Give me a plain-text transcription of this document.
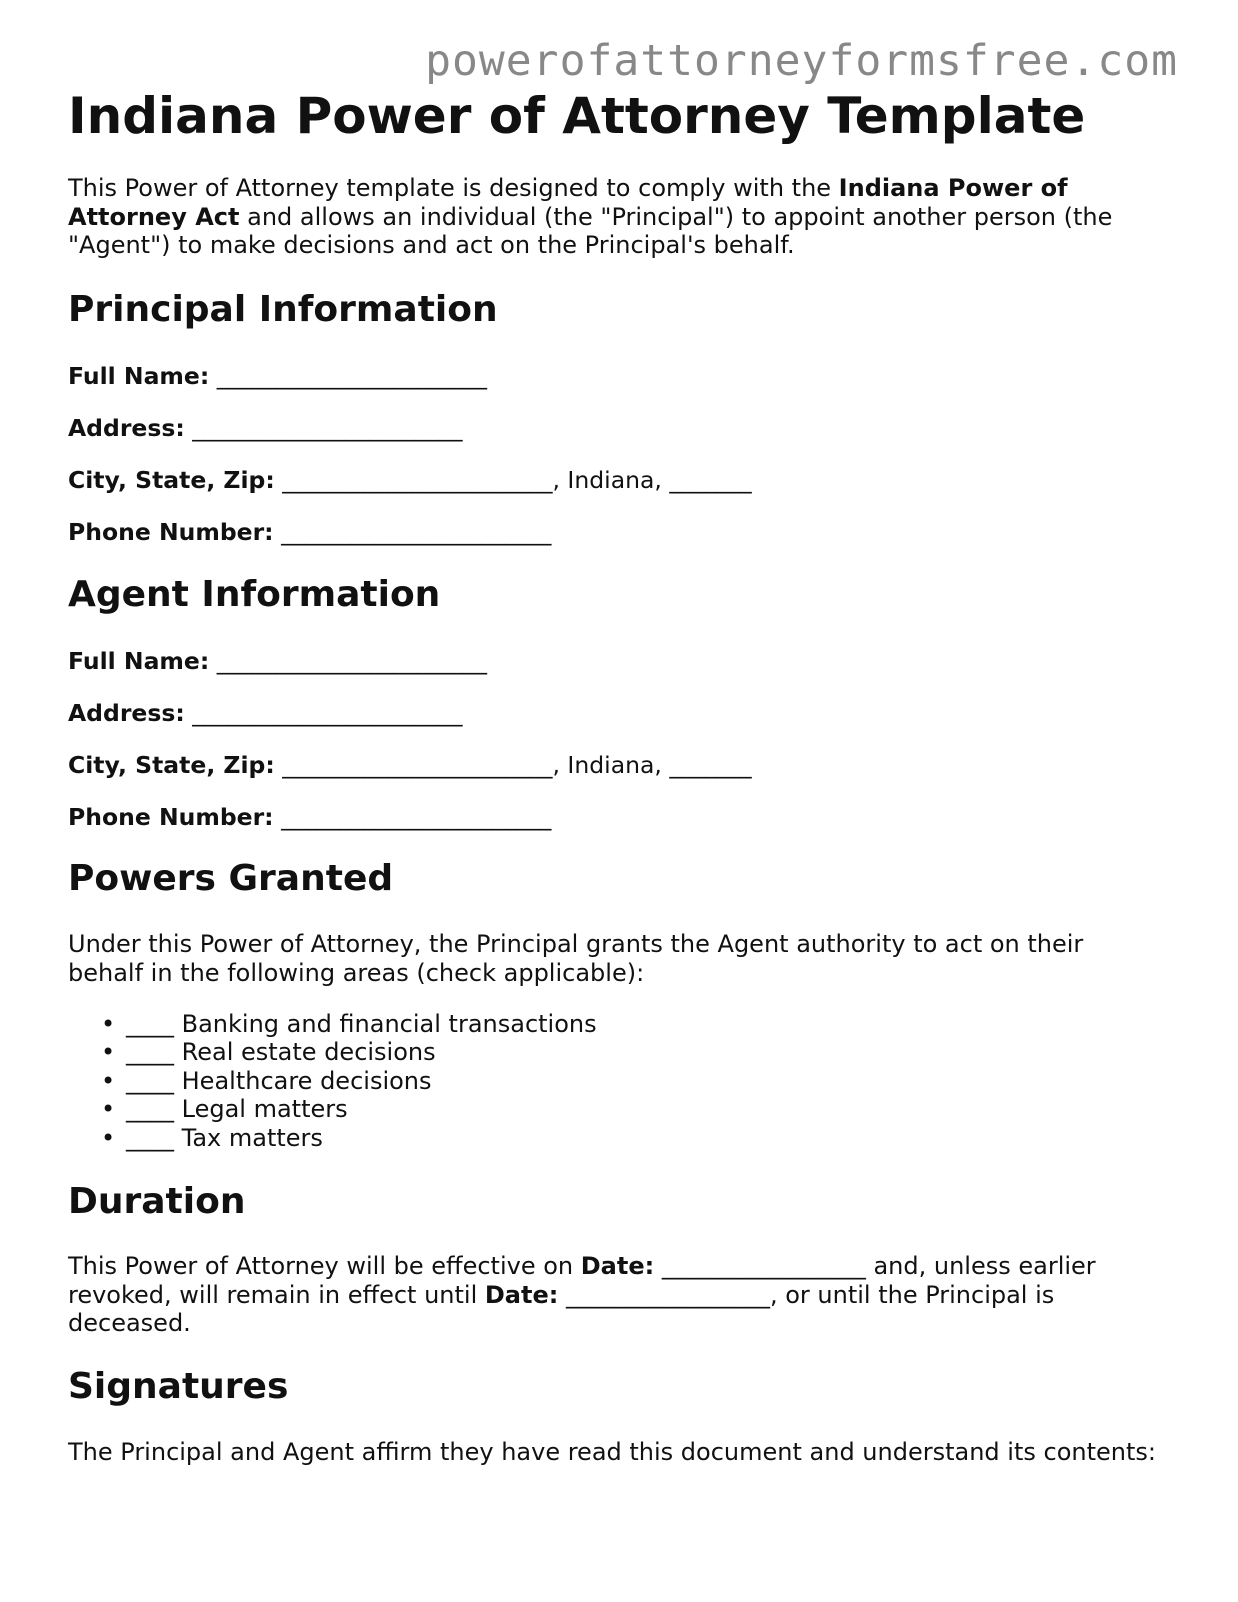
powerofattorneyformsfree.com
Indiana Power of Attorney Template

This Power of Attorney template is designed to comply with the Indiana Power of Attorney Act and allows an individual (the "Principal") to appoint another person (the "Agent") to make decisions and act on the Principal's behalf.

Principal Information

Full Name: _______________________

Address: _______________________

City, State, Zip: _______________________, Indiana, _______

Phone Number: _______________________

Agent Information

Full Name: _______________________

Address: _______________________

City, State, Zip: _______________________, Indiana, _______

Phone Number: _______________________

Powers Granted

Under this Power of Attorney, the Principal grants the Agent authority to act on their behalf in the following areas (check applicable):

• ____ Banking and financial transactions
• ____ Real estate decisions
• ____ Healthcare decisions
• ____ Legal matters
• ____ Tax matters
Duration

This Power of Attorney will be effective on Date: _________________ and, unless earlier revoked, will remain in effect until Date: _________________, or until the Principal is deceased.

Signatures

The Principal and Agent affirm they have read this document and understand its contents:
